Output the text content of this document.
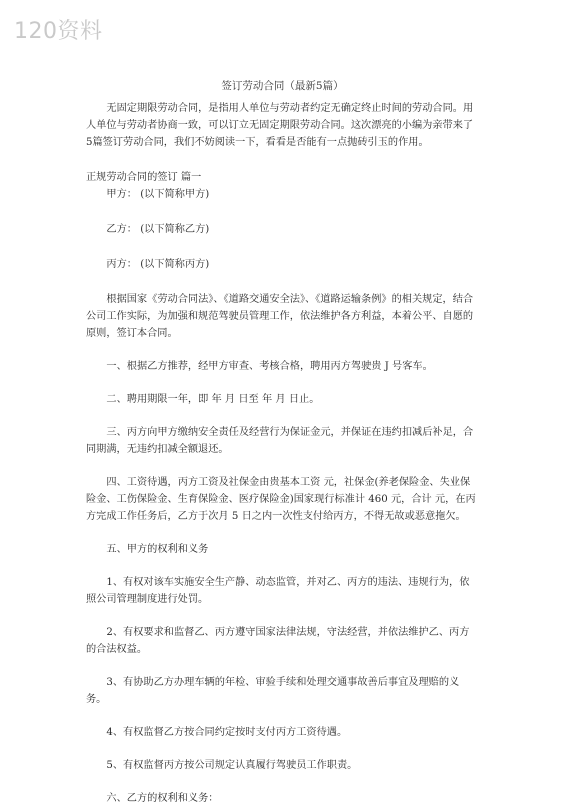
120资料
签订劳动合同（最新5篇）

无固定期限劳动合同，是指用人单位与劳动者约定无确定终止时间的劳动合同。用人单位与劳动者协商一致，可以订立无固定期限劳动合同。这次漂亮的小编为亲带来了5篇签订劳动合同，我们不妨阅读一下，看看是否能有一点抛砖引玉的作用。

正规劳动合同的签订 篇一

甲方： (以下简称甲方)

乙方： (以下简称乙方)

丙方： (以下简称丙方)

根据国家《劳动合同法》、《道路交通安全法》、《道路运输条例》的相关规定，结合公司工作实际，为加强和规范驾驶员管理工作，依法维护各方利益，本着公平、自愿的原则，签订本合同。

一、根据乙方推荐，经甲方审查、考核合格，聘用丙方驾驶贵 J 号客车。

二、聘用期限一年，即 年 月 日至 年 月 日止。

三、丙方向甲方缴纳安全责任及经营行为保证金元，并保证在违约扣减后补足，合同期满，无违约扣减全额退还。

四、工资待遇，丙方工资及社保金由贵基本工资 元，社保金(养老保险金、失业保险金、工伤保险金、生育保险金、医疗保险金)国家现行标准计 460 元，合计 元，在丙方完成工作任务后，乙方于次月 5 日之内一次性支付给丙方，不得无故或恶意拖欠。

五、甲方的权利和义务

1、有权对该车实施安全生产静、动态监管，并对乙、丙方的违法、违规行为，依照公司管理制度进行处罚。

2、有权要求和监督乙、丙方遵守国家法律法规，守法经营，并依法维护乙、丙方的合法权益。

3、有协助乙方办理车辆的年检、审验手续和处理交通事故善后事宜及理赔的义务。

4、有权监督乙方按合同约定按时支付丙方工资待遇。

5、有权监督丙方按公司规定认真履行驾驶员工作职责。

六、乙方的权利和义务：
